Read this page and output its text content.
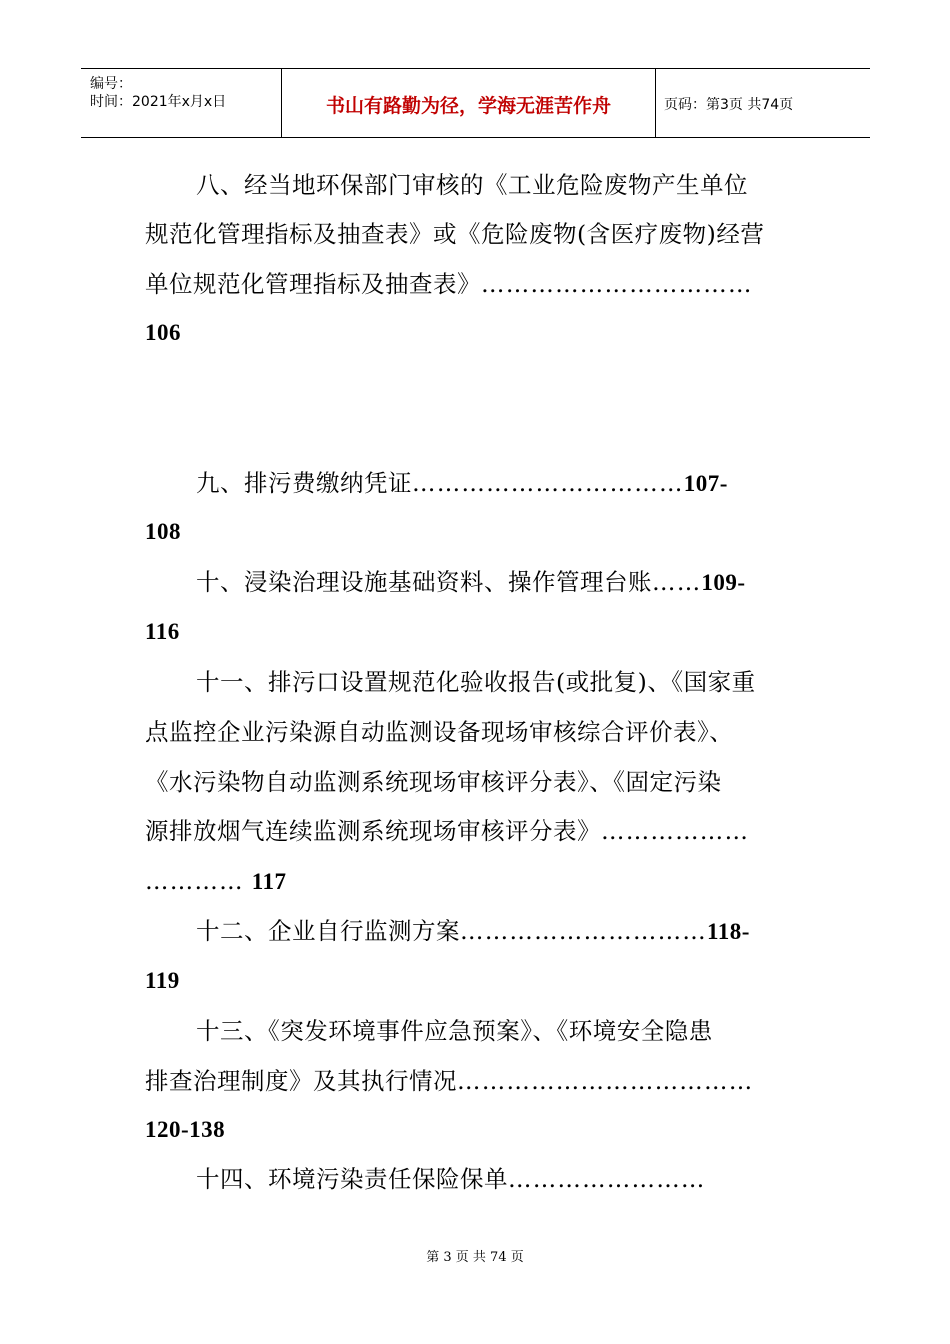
编号：
时间：2021年x月x日	书山有路勤为径，学海无涯苦作舟	页码：第3页 共74页
八、经当地环保部门审核的《工业危险废物产生单位
规范化管理指标及抽查表》或《危险废物(含医疗废物)经营
单位规范化管理指标及抽查表》……………………………
106
九、排污费缴纳凭证……………………………107-
108
十、浸染治理设施基础资料、操作管理台账……109-
116
十一、排污口设置规范化验收报告(或批复)、《国家重
点监控企业污染源自动监测设备现场审核综合评价表》、
《水污染物自动监测系统现场审核评分表》、《固定污染
源排放烟气连续监测系统现场审核评分表》………………
………… 117
十二、企业自行监测方案…………………………118-
119
十三、《突发环境事件应急预案》、《环境安全隐患
排查治理制度》及其执行情况………………………………
120-138
十四、环境污染责任保险保单……………………
第 3 页 共 74 页
